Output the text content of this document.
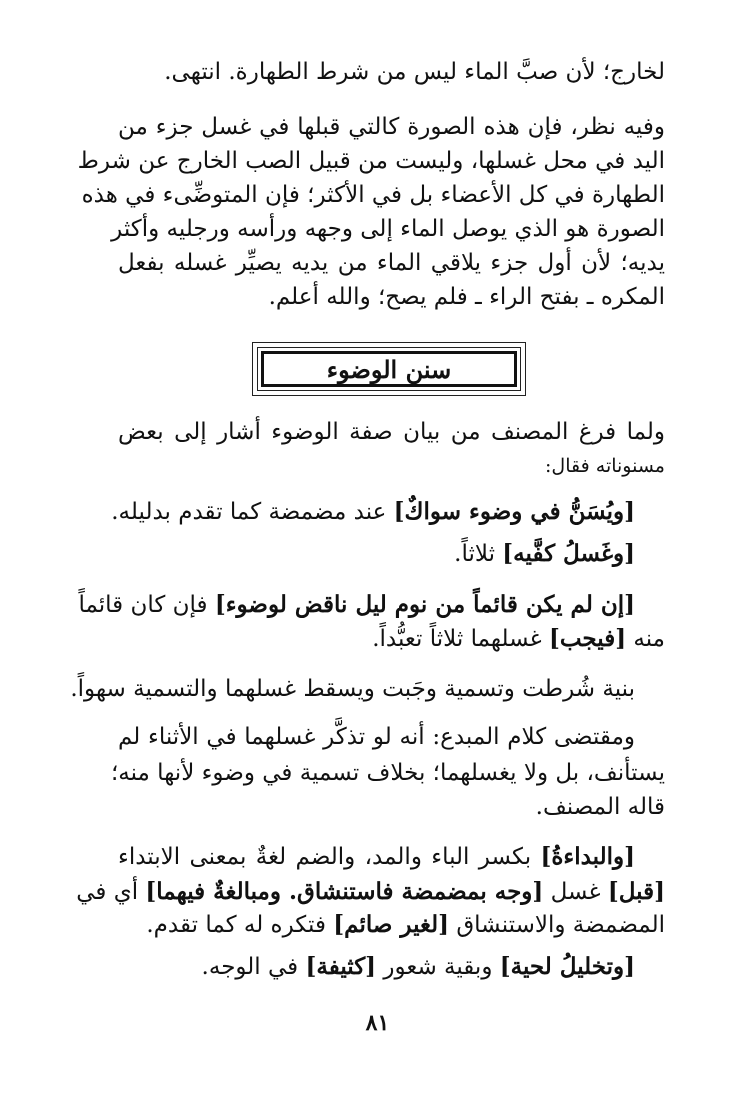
لخارج؛ لأن صبَّ الماء ليس من شرط الطهارة. انتهى.
وفيه نظر، فإن هذه الصورة كالتي قبلها في غسل جزء من
اليد في محل غسلها، وليست من قبيل الصب الخارج عن شرط
الطهارة في كل الأعضاء بل في الأكثر؛ فإن المتوضِّىء في هذه
الصورة هو الذي يوصل الماء إلى وجهه ورأسه ورجليه وأكثر
يديه؛ لأن أول جزء يلاقي الماء من يديه يصيِّر غسله بفعل
المكره ـ بفتح الراء ـ فلم يصح؛ والله أعلم.
سنن الوضوء
ولما فرغ المصنف من بيان صفة الوضوء أشار إلى بعض
مسنوناته فقال:
[ويُسَنُّ في وضوء سواكٌ] عند مضمضة كما تقدم بدليله.
[وغَسلُ كفَّيه] ثلاثاً.
[إن لم يكن قائماً من نوم ليل ناقض لوضوء] فإن كان قائماً
منه [فيجب] غسلهما ثلاثاً تعبُّداً.
بنية شُرطت وتسمية وجَبت ويسقط غسلهما والتسمية سهواً.
ومقتضى كلام المبدع: أنه لو تذكَّر غسلهما في الأثناء لم
يستأنف، بل ولا يغسلهما؛ بخلاف تسمية في وضوء لأنها منه؛
قاله المصنف.
[والبداءةُ] بكسر الباء والمد، والضم لغةٌ بمعنى الابتداء
[قبل] غسل [وجه بمضمضة فاستنشاق. ومبالغةٌ فيهما] أي في
المضمضة والاستنشاق [لغير صائم] فتكره له كما تقدم.
[وتخليلُ لحية] وبقية شعور [كثيفة] في الوجه.
٨١
